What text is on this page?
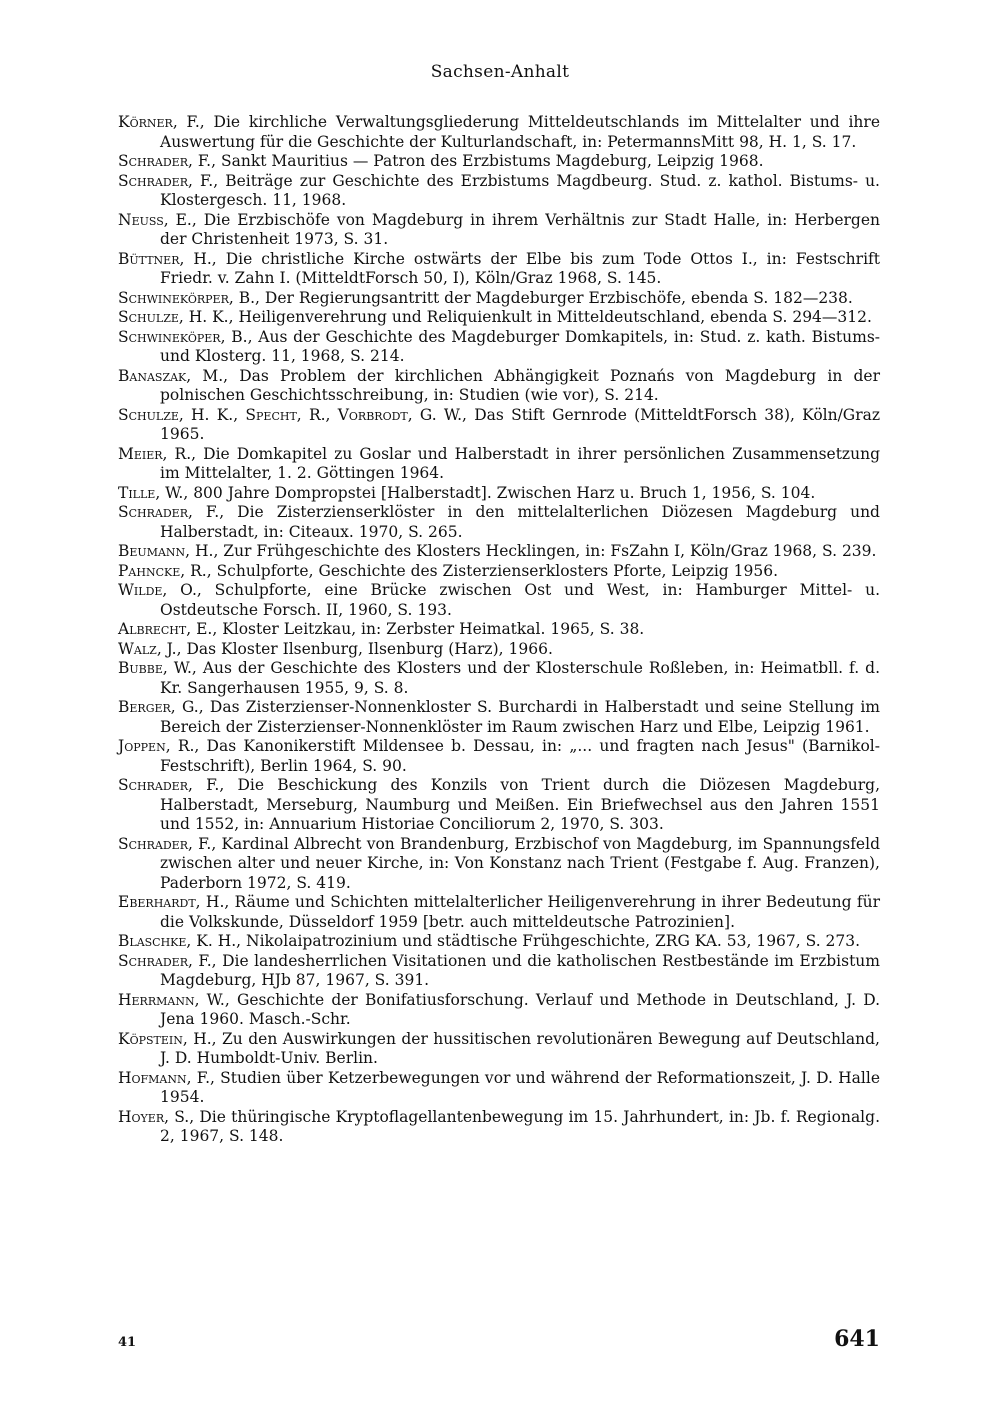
Sachsen-Anhalt

Körner, F., Die kirchliche Verwaltungsgliederung Mitteldeutschlands im Mittelalter und ihre Auswertung für die Geschichte der Kulturlandschaft, in: PetermannsMitt 98, H. 1, S. 17.

Schrader, F., Sankt Mauritius — Patron des Erzbistums Magdeburg, Leipzig 1968.

Schrader, F., Beiträge zur Geschichte des Erzbistums Magdbeurg. Stud. z. kathol. Bistums- u. Klostergesch. 11, 1968.

Neuss, E., Die Erzbischöfe von Magdeburg in ihrem Verhältnis zur Stadt Halle, in: Herbergen der Christenheit 1973, S. 31.

Büttner, H., Die christliche Kirche ostwärts der Elbe bis zum Tode Ottos I., in: Festschrift Friedr. v. Zahn I. (MitteldtForsch 50, I), Köln/Graz 1968, S. 145.

Schwinekörper, B., Der Regierungsantritt der Magdeburger Erzbischöfe, ebenda S. 182—238.

Schulze, H. K., Heiligenverehrung und Reliquienkult in Mitteldeutschland, ebenda S. 294—312.

Schwineköper, B., Aus der Geschichte des Magdeburger Domkapitels, in: Stud. z. kath. Bistums- und Klosterg. 11, 1968, S. 214.

Banaszak, M., Das Problem der kirchlichen Abhängigkeit Poznańs von Magdeburg in der polnischen Geschichtsschreibung, in: Studien (wie vor), S. 214.

Schulze, H. K., Specht, R., Vorbrodt, G. W., Das Stift Gernrode (MitteldtForsch 38), Köln/Graz 1965.

Meier, R., Die Domkapitel zu Goslar und Halberstadt in ihrer persönlichen Zusammensetzung im Mittelalter, 1. 2. Göttingen 1964.

Tille, W., 800 Jahre Dompropstei [Halberstadt]. Zwischen Harz u. Bruch 1, 1956, S. 104.

Schrader, F., Die Zisterzienserklöster in den mittelalterlichen Diözesen Magdeburg und Halberstadt, in: Citeaux. 1970, S. 265.

Beumann, H., Zur Frühgeschichte des Klosters Hecklingen, in: FsZahn I, Köln/Graz 1968, S. 239.

Pahncke, R., Schulpforte, Geschichte des Zisterzienserklosters Pforte, Leipzig 1956.

Wilde, O., Schulpforte, eine Brücke zwischen Ost und West, in: Hamburger Mittel- u. Ostdeutsche Forsch. II, 1960, S. 193.

Albrecht, E., Kloster Leitzkau, in: Zerbster Heimatkal. 1965, S. 38.

Walz, J., Das Kloster Ilsenburg, Ilsenburg (Harz), 1966.

Bubbe, W., Aus der Geschichte des Klosters und der Klosterschule Roßleben, in: Heimatbll. f. d. Kr. Sangerhausen 1955, 9, S. 8.

Berger, G., Das Zisterzienser-Nonnenkloster S. Burchardi in Halberstadt und seine Stellung im Bereich der Zisterzienser-Nonnenklöster im Raum zwischen Harz und Elbe, Leipzig 1961.

Joppen, R., Das Kanonikerstift Mildensee b. Dessau, in: „... und fragten nach Jesus" (Barnikol-Festschrift), Berlin 1964, S. 90.

Schrader, F., Die Beschickung des Konzils von Trient durch die Diözesen Magdeburg, Halberstadt, Merseburg, Naumburg und Meißen. Ein Briefwechsel aus den Jahren 1551 und 1552, in: Annuarium Historiae Conciliorum 2, 1970, S. 303.

Schrader, F., Kardinal Albrecht von Brandenburg, Erzbischof von Magdeburg, im Spannungsfeld zwischen alter und neuer Kirche, in: Von Konstanz nach Trient (Festgabe f. Aug. Franzen), Paderborn 1972, S. 419.

Eberhardt, H., Räume und Schichten mittelalterlicher Heiligenverehrung in ihrer Bedeutung für die Volkskunde, Düsseldorf 1959 [betr. auch mitteldeutsche Patrozinien].

Blaschke, K. H., Nikolaipatrozinium und städtische Frühgeschichte, ZRG KA. 53, 1967, S. 273.

Schrader, F., Die landesherrlichen Visitationen und die katholischen Restbestände im Erzbistum Magdeburg, HJb 87, 1967, S. 391.

Herrmann, W., Geschichte der Bonifatiusforschung. Verlauf und Methode in Deutschland, J. D. Jena 1960. Masch.-Schr.

Köpstein, H., Zu den Auswirkungen der hussitischen revolutionären Bewegung auf Deutschland, J. D. Humboldt-Univ. Berlin.

Hofmann, F., Studien über Ketzerbewegungen vor und während der Reformationszeit, J. D. Halle 1954.

Hoyer, S., Die thüringische Kryptoflagellantenbewegung im 15. Jahrhundert, in: Jb. f. Regionalg. 2, 1967, S. 148.

41	641
